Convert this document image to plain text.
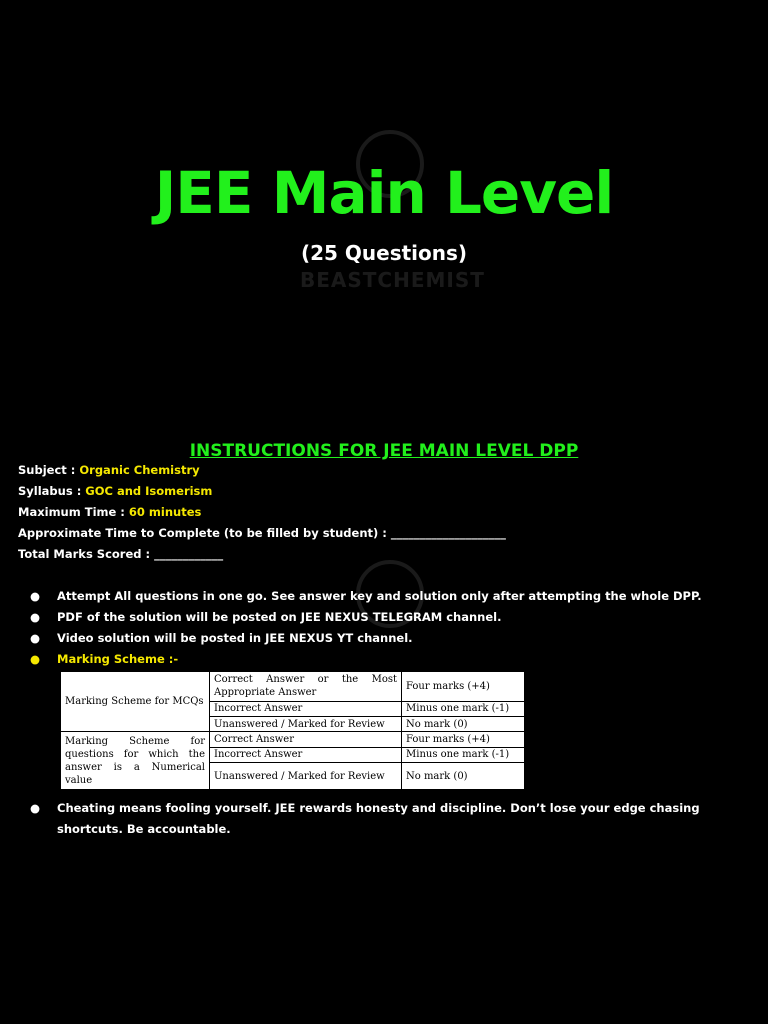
BEASTCHEMIST
JEE Main Level
(25 Questions)
INSTRUCTIONS FOR JEE MAIN LEVEL DPP
Subject : Organic Chemistry
Syllabus : GOC and Isomerism
Maximum Time : 60 minutes
Approximate Time to Complete (to be filled by student) : ____________________
Total Marks Scored : ____________
● Attempt All questions in one go. See answer key and solution only after attempting the whole DPP.
● PDF of the solution will be posted on JEE NEXUS TELEGRAM channel.
● Video solution will be posted in JEE NEXUS YT channel.
● Marking Scheme :-
Marking Scheme for MCQs	Correct Answer or the Most Appropriate Answer	Four marks (+4)
	Incorrect Answer	Minus one mark (-1)
	Unanswered / Marked for Review	No mark (0)
Marking Scheme for questions for which the answer is a Numerical value	Correct Answer	Four marks (+4)
	Incorrect Answer	Minus one mark (-1)
	Unanswered / Marked for Review	No mark (0)
● Cheating means fooling yourself. JEE rewards honesty and discipline. Don’t lose your edge chasing shortcuts. Be accountable.
